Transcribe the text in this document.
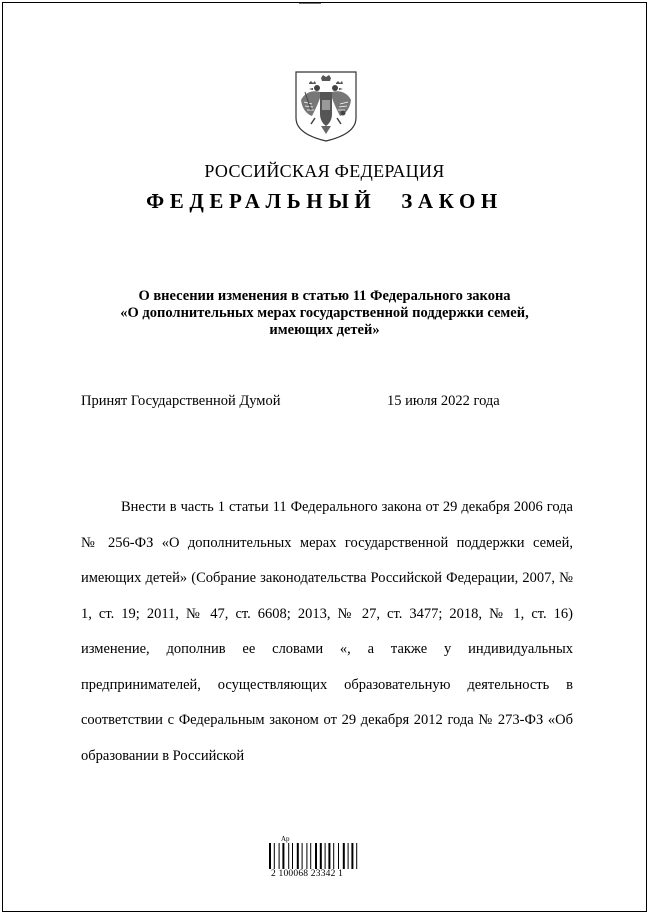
РОССИЙСКАЯ ФЕДЕРАЦИЯ
ФЕДЕРАЛЬНЫЙ ЗАКОН
О внесении изменения в статью 11 Федерального закона
«О дополнительных мерах государственной поддержки семей,
имеющих детей»
Принят Государственной Думой	15 июля 2022 года
Внести в часть 1 статьи 11 Федерального закона от 29 декабря 2006 года № 256-ФЗ «О дополнительных мерах государственной поддержки семей, имеющих детей» (Собрание законодательства Российской Федерации, 2007, № 1, ст. 19; 2011, № 47, ст. 6608; 2013, № 27, ст. 3477; 2018, № 1, ст. 16) изменение, дополнив ее словами «, а также у индивидуальных предпринимателей, осуществляющих образовательную деятельность в соответствии с Федеральным законом от 29 декабря 2012 года № 273-ФЗ «Об образовании в Российской
Ар
2 100068 23342 1
